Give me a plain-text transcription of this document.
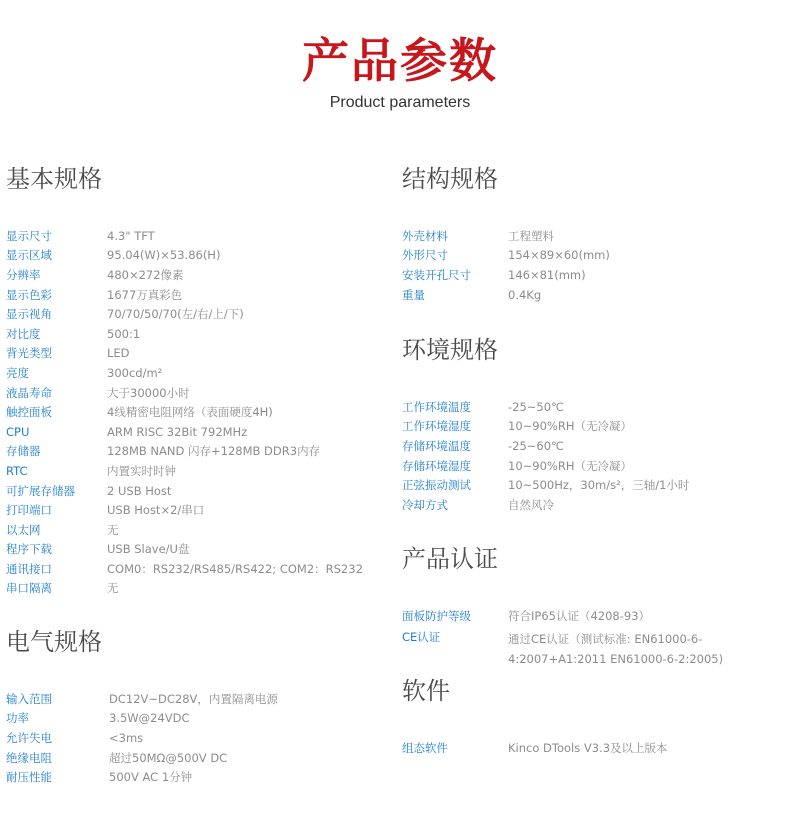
产品参数
Product parameters
基本规格
显示尺寸	4.3" TFT
显示区域	95.04(W)×53.86(H)
分辨率	480×272像素
显示色彩	1677万真彩色
显示视角	70/70/50/70(左/右/上/下)
对比度	500:1
背光类型	LED
亮度	300cd/m²
液晶寿命	大于30000小时
触控面板	4线精密电阻网络（表面硬度4H)
CPU	ARM RISC 32Bit 792MHz
存储器	128MB NAND 闪存+128MB DDR3内存
RTC	内置实时时钟
可扩展存储器	2 USB Host
打印端口	USB Host×2/串口
以太网	无
程序下载	USB Slave/U盘
通讯接口	COM0：RS232/RS485/RS422; COM2：RS232
串口隔离	无
电气规格
输入范围	DC12V~DC28V，内置隔离电源
功率	3.5W@24VDC
允许失电	<3ms
绝缘电阻	超过50MΩ@500V DC
耐压性能	500V AC 1分钟
结构规格
外壳材料	工程塑料
外形尺寸	154×89×60(mm)
安装开孔尺寸	146×81(mm)
重量	0.4Kg
环境规格
工作环境温度	-25~50℃
工作环境湿度	10~90%RH（无冷凝）
存储环境温度	-25~60℃
存储环境湿度	10~90%RH（无冷凝）
正弦振动测试	10~500Hz，30m/s²，三轴/1小时
冷却方式	自然风冷
产品认证
面板防护等级	符合IP65认证（4208-93）
CE认证	通过CE认证（测试标准: EN61000-6-4:2007+A1:2011 EN61000-6-2:2005)
软件
组态软件	Kinco DTools V3.3及以上版本
